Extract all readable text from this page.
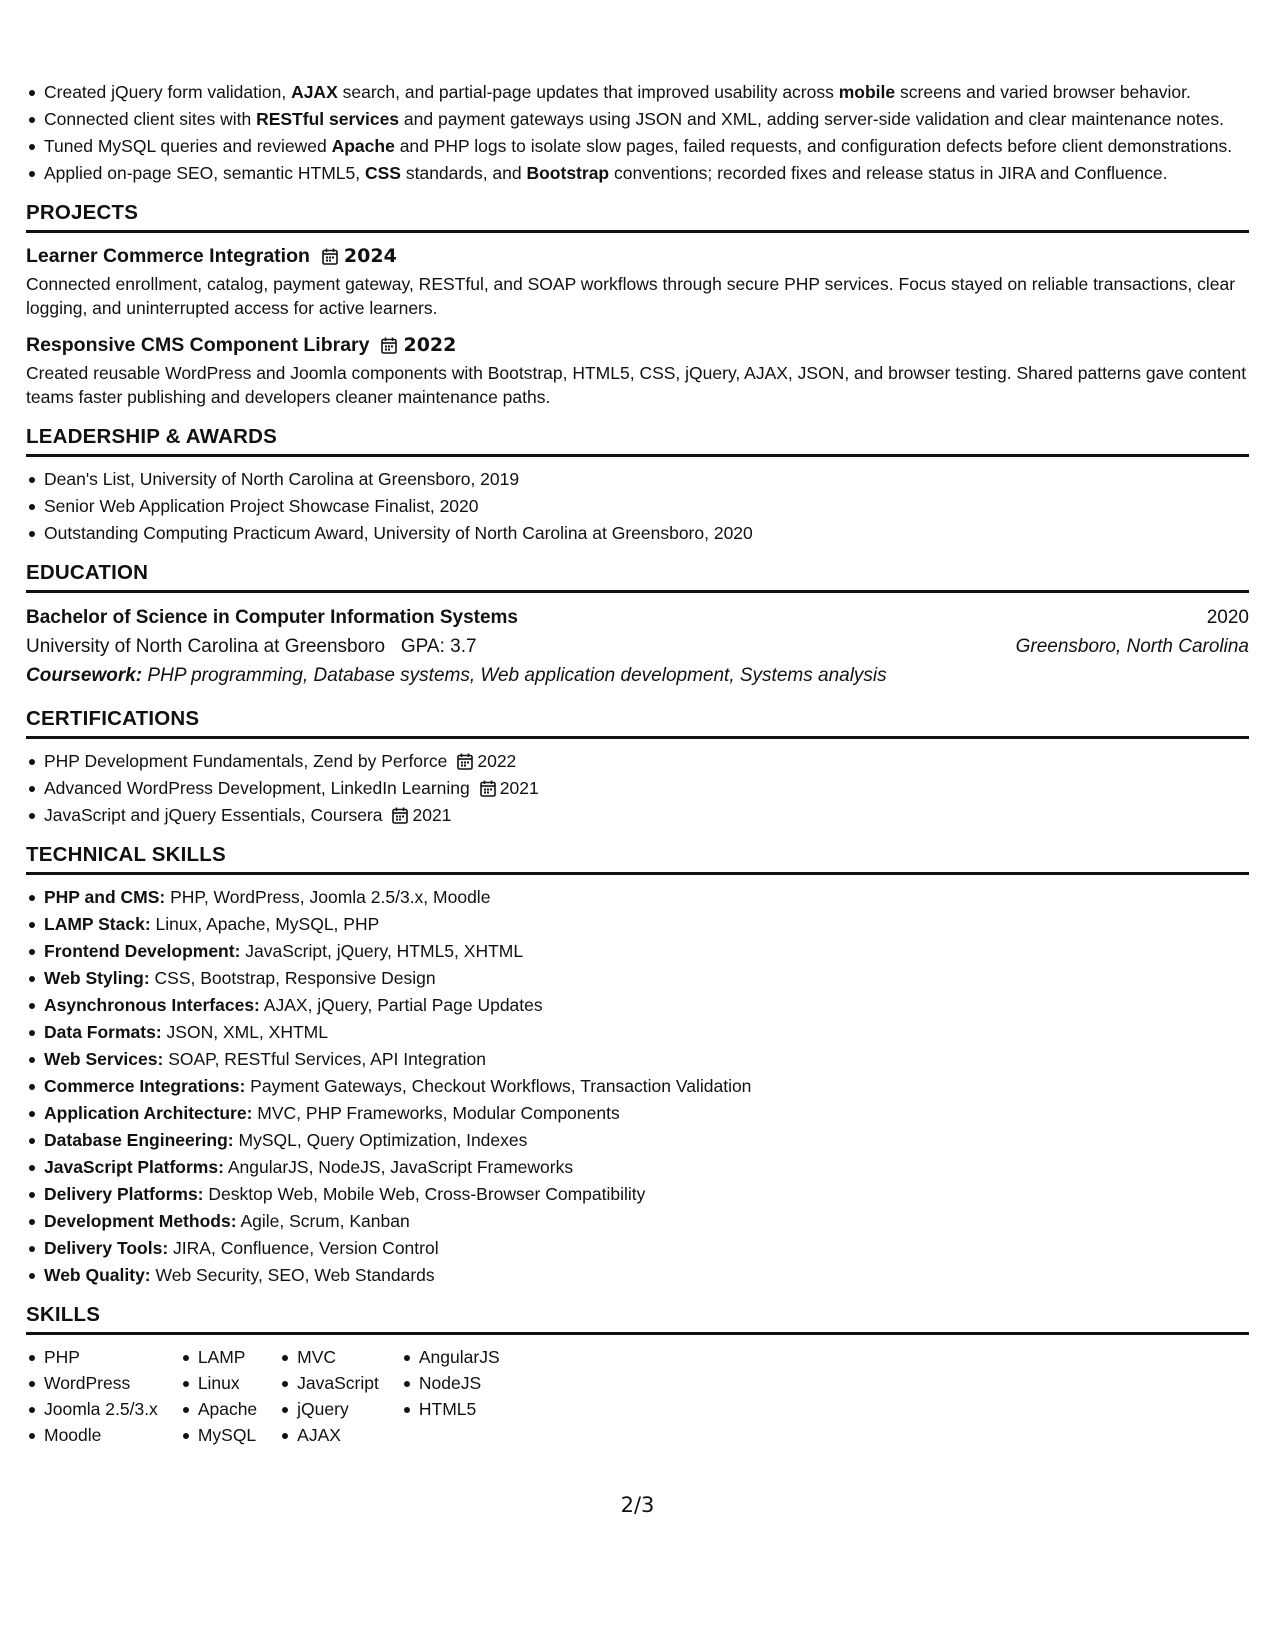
Created jQuery form validation, AJAX search, and partial-page updates that improved usability across mobile screens and varied browser behavior.
Connected client sites with RESTful services and payment gateways using JSON and XML, adding server-side validation and clear maintenance notes.
Tuned MySQL queries and reviewed Apache and PHP logs to isolate slow pages, failed requests, and configuration defects before client demonstrations.
Applied on-page SEO, semantic HTML5, CSS standards, and Bootstrap conventions; recorded fixes and release status in JIRA and Confluence.
PROJECTS
Learner Commerce Integration 2024
Connected enrollment, catalog, payment gateway, RESTful, and SOAP workflows through secure PHP services. Focus stayed on reliable transactions, clear logging, and uninterrupted access for active learners.
Responsive CMS Component Library 2022
Created reusable WordPress and Joomla components with Bootstrap, HTML5, CSS, jQuery, AJAX, JSON, and browser testing. Shared patterns gave content teams faster publishing and developers cleaner maintenance paths.
LEADERSHIP & AWARDS
Dean's List, University of North Carolina at Greensboro, 2019
Senior Web Application Project Showcase Finalist, 2020
Outstanding Computing Practicum Award, University of North Carolina at Greensboro, 2020
EDUCATION
Bachelor of Science in Computer Information Systems	2020
University of North Carolina at Greensboro GPA: 3.7	Greensboro, North Carolina
Coursework: PHP programming, Database systems, Web application development, Systems analysis
CERTIFICATIONS
PHP Development Fundamentals, Zend by Perforce 2022
Advanced WordPress Development, LinkedIn Learning 2021
JavaScript and jQuery Essentials, Coursera 2021
TECHNICAL SKILLS
PHP and CMS: PHP, WordPress, Joomla 2.5/3.x, Moodle
LAMP Stack: Linux, Apache, MySQL, PHP
Frontend Development: JavaScript, jQuery, HTML5, XHTML
Web Styling: CSS, Bootstrap, Responsive Design
Asynchronous Interfaces: AJAX, jQuery, Partial Page Updates
Data Formats: JSON, XML, XHTML
Web Services: SOAP, RESTful Services, API Integration
Commerce Integrations: Payment Gateways, Checkout Workflows, Transaction Validation
Application Architecture: MVC, PHP Frameworks, Modular Components
Database Engineering: MySQL, Query Optimization, Indexes
JavaScript Platforms: AngularJS, NodeJS, JavaScript Frameworks
Delivery Platforms: Desktop Web, Mobile Web, Cross-Browser Compatibility
Development Methods: Agile, Scrum, Kanban
Delivery Tools: JIRA, Confluence, Version Control
Web Quality: Web Security, SEO, Web Standards
SKILLS
PHP
WordPress
Joomla 2.5/3.x
Moodle
LAMP
Linux
Apache
MySQL
MVC
JavaScript
jQuery
AJAX
AngularJS
NodeJS
HTML5
2/3
